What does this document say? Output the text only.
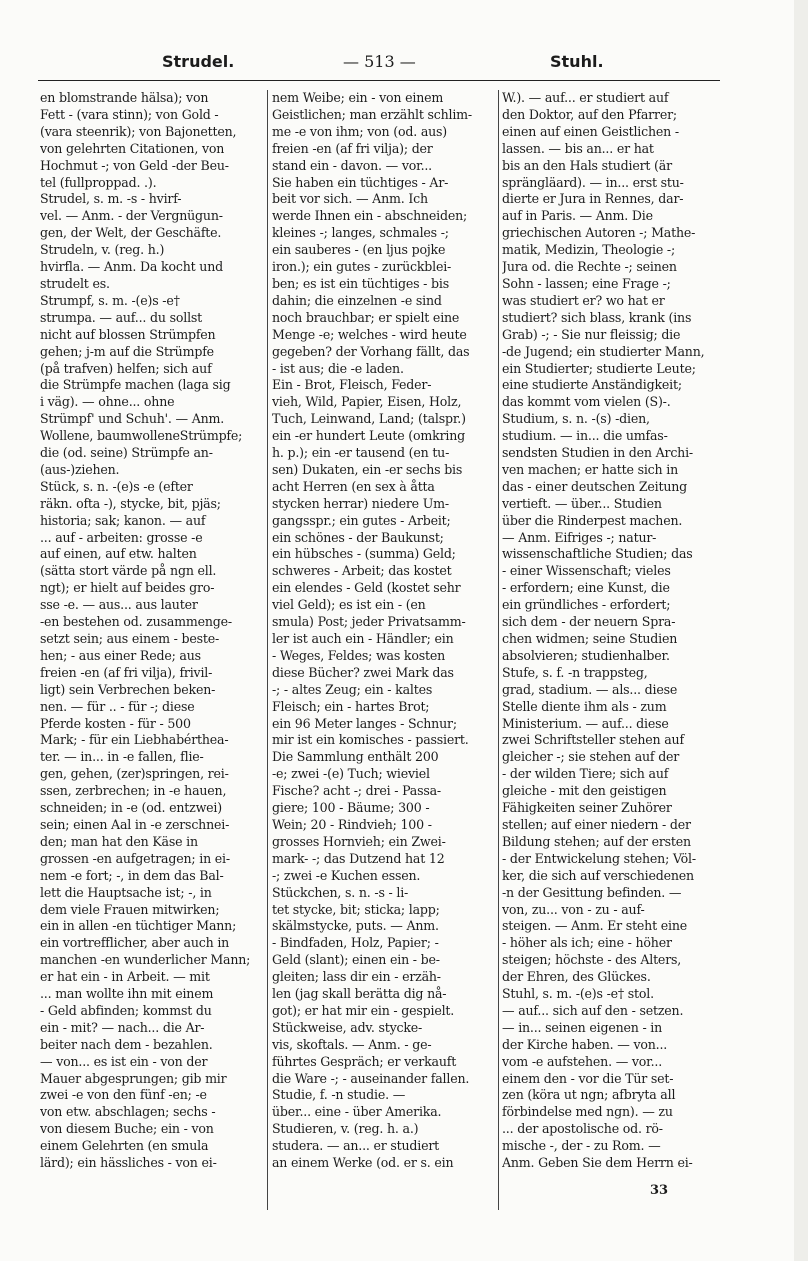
Strudel.	— 513 —	Stuhl.
en blomstrande hälsa); von
Fett - (vara stinn); von Gold -
(vara steenrik); von Bajonetten,
von gelehrten Citationen, von
Hochmut -; von Geld -der Beu-
tel (fullproppad. .).
Strudel, s. m. -s - hvirf-
vel. — Anm. - der Vergnügun-
gen, der Welt, der Geschäfte.
Strudeln, v. (reg. h.)
hvirfla. — Anm. Da kocht und
strudelt es.
Strumpf, s. m. -(e)s -e†
strumpa. — auf... du sollst
nicht auf blossen Strümpfen
gehen; j-m auf die Strümpfe
(på trafven) helfen; sich auf
die Strümpfe machen (laga sig
i väg). — ohne... ohne
Strümpf' und Schuh'. — Anm.
Wollene, baumwolleneStrümpfe;
die (od. seine) Strümpfe an-
(aus-)ziehen.
Stück, s. n. -(e)s -e (efter
räkn. ofta -), stycke, bit, pjäs;
historia; sak; kanon. — auf
... auf - arbeiten: grosse -e
auf einen, auf etw. halten
(sätta stort värde på ngn ell.
ngt); er hielt auf beides gro-
sse -e. — aus... aus lauter
-en bestehen od. zusammenge-
setzt sein; aus einem - beste-
hen; - aus einer Rede; aus
freien -en (af fri vilja), frivil-
ligt) sein Verbrechen beken-
nen. — für .. - für -; diese
Pferde kosten - für - 500
Mark; - für ein Liebhabérthea-
ter. — in... in -e fallen, flie-
gen, gehen, (zer)springen, rei-
ssen, zerbrechen; in -e hauen,
schneiden; in -e (od. entzwei)
sein; einen Aal in -e zerschnei-
den; man hat den Käse in
grossen -en aufgetragen; in ei-
nem -e fort; -, in dem das Bal-
lett die Hauptsache ist; -, in
dem viele Frauen mitwirken;
ein in allen -en tüchtiger Mann;
ein vortrefflicher, aber auch in
manchen -en wunderlicher Mann;
er hat ein - in Arbeit. — mit
... man wollte ihn mit einem
- Geld abfinden; kommst du
ein - mit? — nach... die Ar-
beiter nach dem - bezahlen.
— von... es ist ein - von der
Mauer abgesprungen; gib mir
zwei -e von den fünf -en; -e
von etw. abschlagen; sechs -
von diesem Buche; ein - von
einem Gelehrten (en smula
lärd); ein hässliches - von ei-
nem Weibe; ein - von einem
Geistlichen; man erzählt schlim-
me -e von ihm; von (od. aus)
freien -en (af fri vilja); der
stand ein - davon. — vor...
Sie haben ein tüchtiges - Ar-
beit vor sich. — Anm. Ich
werde Ihnen ein - abschneiden;
kleines -; langes, schmales -;
ein sauberes - (en ljus pojke
iron.); ein gutes - zurückblei-
ben; es ist ein tüchtiges - bis
dahin; die einzelnen -e sind
noch brauchbar; er spielt eine
Menge -e; welches - wird heute
gegeben? der Vorhang fällt, das
- ist aus; die -e laden.
Ein - Brot, Fleisch, Feder-
vieh, Wild, Papier, Eisen, Holz,
Tuch, Leinwand, Land; (talspr.)
ein -er hundert Leute (omkring
h. p.); ein -er tausend (en tu-
sen) Dukaten, ein -er sechs bis
acht Herren (en sex à åtta
stycken herrar) niedere Um-
gangsspr.; ein gutes - Arbeit;
ein schönes - der Baukunst;
ein hübsches - (summa) Geld;
schweres - Arbeit; das kostet
ein elendes - Geld (kostet sehr
viel Geld); es ist ein - (en
smula) Post; jeder Privatsamm-
ler ist auch ein - Händler; ein
- Weges, Feldes; was kosten
diese Bücher? zwei Mark das
-; - altes Zeug; ein - kaltes
Fleisch; ein - hartes Brot;
ein 96 Meter langes - Schnur;
mir ist ein komisches - passiert.
Die Sammlung enthält 200
-e; zwei -(e) Tuch; wieviel
Fische? acht -; drei - Passa-
giere; 100 - Bäume; 300 -
Wein; 20 - Rindvieh; 100 -
grosses Hornvieh; ein Zwei-
mark- -; das Dutzend hat 12
-; zwei -e Kuchen essen.
Stückchen, s. n. -s - li-
tet stycke, bit; sticka; lapp;
skälmstycke, puts. — Anm.
- Bindfaden, Holz, Papier; -
Geld (slant); einen ein - be-
gleiten; lass dir ein - erzäh-
len (jag skall berätta dig nå-
got); er hat mir ein - gespielt.
Stückweise, adv. stycke-
vis, skoftals. — Anm. - ge-
führtes Gespräch; er verkauft
die Ware -; - auseinander fallen.
Studie, f. -n studie. —
über... eine - über Amerika.
Studieren, v. (reg. h. a.)
studera. — an... er studiert
an einem Werke (od. er s. ein
W.). — auf... er studiert auf
den Doktor, auf den Pfarrer;
einen auf einen Geistlichen -
lassen. — bis an... er hat
bis an den Hals studiert (är
sprängläard). — in... erst stu-
dierte er Jura in Rennes, dar-
auf in Paris. — Anm. Die
griechischen Autoren -; Mathe-
matik, Medizin, Theologie -;
Jura od. die Rechte -; seinen
Sohn - lassen; eine Frage -;
was studiert er? wo hat er
studiert? sich blass, krank (ins
Grab) -; - Sie nur fleissig; die
-de Jugend; ein studierter Mann,
ein Studierter; studierte Leute;
eine studierte Anständigkeit;
das kommt vom vielen (S)-.
Studium, s. n. -(s) -dien,
studium. — in... die umfas-
sendsten Studien in den Archi-
ven machen; er hatte sich in
das - einer deutschen Zeitung
vertieft. — über... Studien
über die Rinderpest machen.
— Anm. Eifriges -; natur-
wissenschaftliche Studien; das
- einer Wissenschaft; vieles
- erfordern; eine Kunst, die
ein gründliches - erfordert;
sich dem - der neuern Spra-
chen widmen; seine Studien
absolvieren; studienhalber.
Stufe, s. f. -n trappsteg,
grad, stadium. — als... diese
Stelle diente ihm als - zum
Ministerium. — auf... diese
zwei Schriftsteller stehen auf
gleicher -; sie stehen auf der
- der wilden Tiere; sich auf
gleiche - mit den geistigen
Fähigkeiten seiner Zuhörer
stellen; auf einer niedern - der
Bildung stehen; auf der ersten
- der Entwickelung stehen; Völ-
ker, die sich auf verschiedenen
-n der Gesittung befinden. —
von, zu... von - zu - auf-
steigen. — Anm. Er steht eine
- höher als ich; eine - höher
steigen; höchste - des Alters,
der Ehren, des Glückes.
Stuhl, s. m. -(e)s -e† stol.
— auf... sich auf den - setzen.
— in... seinen eigenen - in
der Kirche haben. — von...
vom -e aufstehen. — vor...
einem den - vor die Tür set-
zen (köra ut ngn; afbryta all
förbindelse med ngn). — zu
... der apostolische od. rö-
mische -, der - zu Rom. —
Anm. Geben Sie dem Herrn ei-
33
